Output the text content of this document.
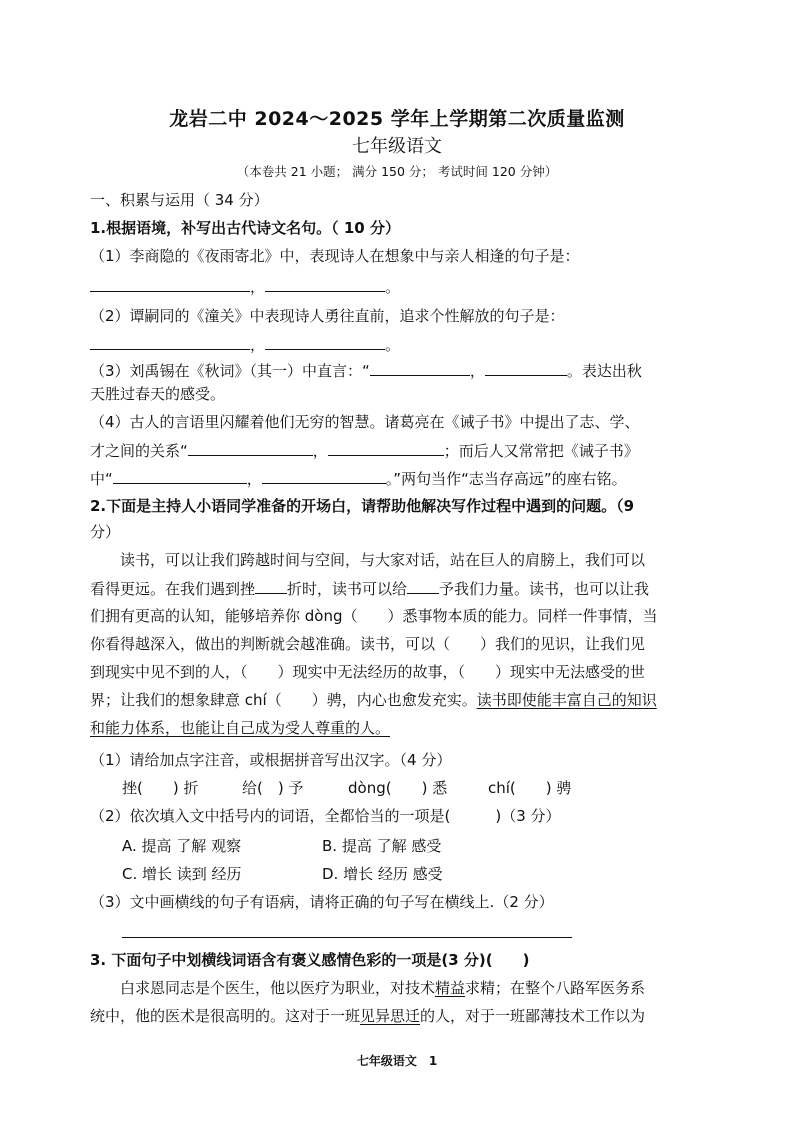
龙岩二中 2024～2025 学年上学期第二次质量监测
七年级语文
（本卷共 21 小题； 满分 150 分； 考试时间 120 分钟）
一、积累与运用（ 34 分）
1.根据语境，补写出古代诗文名句。（ 10 分）
（1）李商隐的《夜雨寄北》中，表现诗人在想象中与亲人相逢的句子是：
，	。
（2）谭嗣同的《潼关》中表现诗人勇往直前，追求个性解放的句子是：
，	。
（3）刘禹锡在《秋词》（其一）中直言：“	，	。表达出秋
天胜过春天的感受。
（4）古人的言语里闪耀着他们无穷的智慧。诸葛亮在《诫子书》中提出了志、学、
才之间的关系“	，	；而后人又常常把《诫子书》
中“	，	。”两句当作“志当存高远”的座右铭。
2.下面是主持人小语同学准备的开场白，请帮助他解决写作过程中遇到的问题。（9
分）
读书，可以让我们跨越时间与空间，与大家对话，站在巨人的肩膀上，我们可以
看得更远。在我们遇到挫 折时，读书可以给 予我们力量。读书，也可以让我
们拥有更高的认知，能够培养你 dòng（　　）悉事物本质的能力。同样一件事情，当
你看得越深入，做出的判断就会越准确。读书，可以（　　）我们的见识，让我们见
到现实中见不到的人，（　　）现实中无法经历的故事，（　　）现实中无法感受的世
界；让我们的想象肆意 chí（　　）骋，内心也愈发充实。读书即使能丰富自己的知识
和能力体系，也能让自己成为受人尊重的人。
（1）请给加点字注音，或根据拼音写出汉字。（4 分）
挫(　　) 折	给(　) 予	dòng(　　) 悉	chí(　　) 骋
（2）依次填入文中括号内的词语，全都恰当的一项是(　　　)（3 分）
A. 提高 了解 观察	B. 提高 了解 感受
C. 增长 读到 经历	D. 增长 经历 感受
（3）文中画横线的句子有语病，请将正确的句子写在横线上.（2 分）
3. 下面句子中划横线词语含有褒义感情色彩的一项是(3 分)(　　)
白求恩同志是个医生，他以医疗为职业，对技术精益求精；在整个八路军医务系
统中，他的医术是很高明的。这对于一班见异思迁的人，对于一班鄙薄技术工作以为
七年级语文　1
